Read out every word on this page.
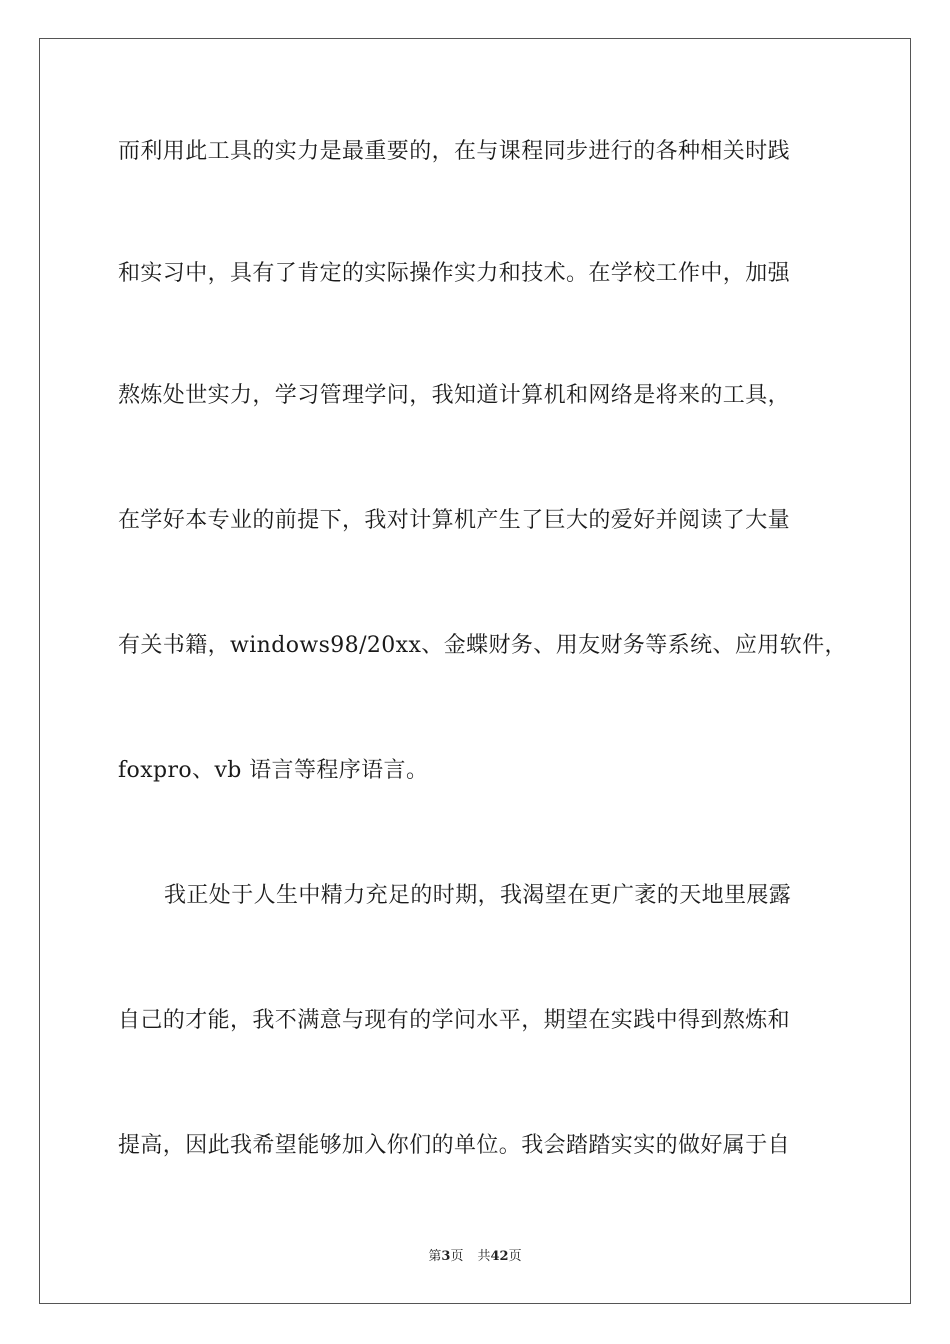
而利用此工具的实力是最重要的，在与课程同步进行的各种相关时践
和实习中，具有了肯定的实际操作实力和技术。在学校工作中，加强
熬炼处世实力，学习管理学问，我知道计算机和网络是将来的工具，
在学好本专业的前提下，我对计算机产生了巨大的爱好并阅读了大量
有关书籍，windows98/20xx、金蝶财务、用友财务等系统、应用软件，
foxpro、vb 语言等程序语言。
我正处于人生中精力充足的时期，我渴望在更广袤的天地里展露
自己的才能，我不满意与现有的学问水平，期望在实践中得到熬炼和
提高，因此我希望能够加入你们的单位。我会踏踏实实的做好属于自
第3页 共42页
